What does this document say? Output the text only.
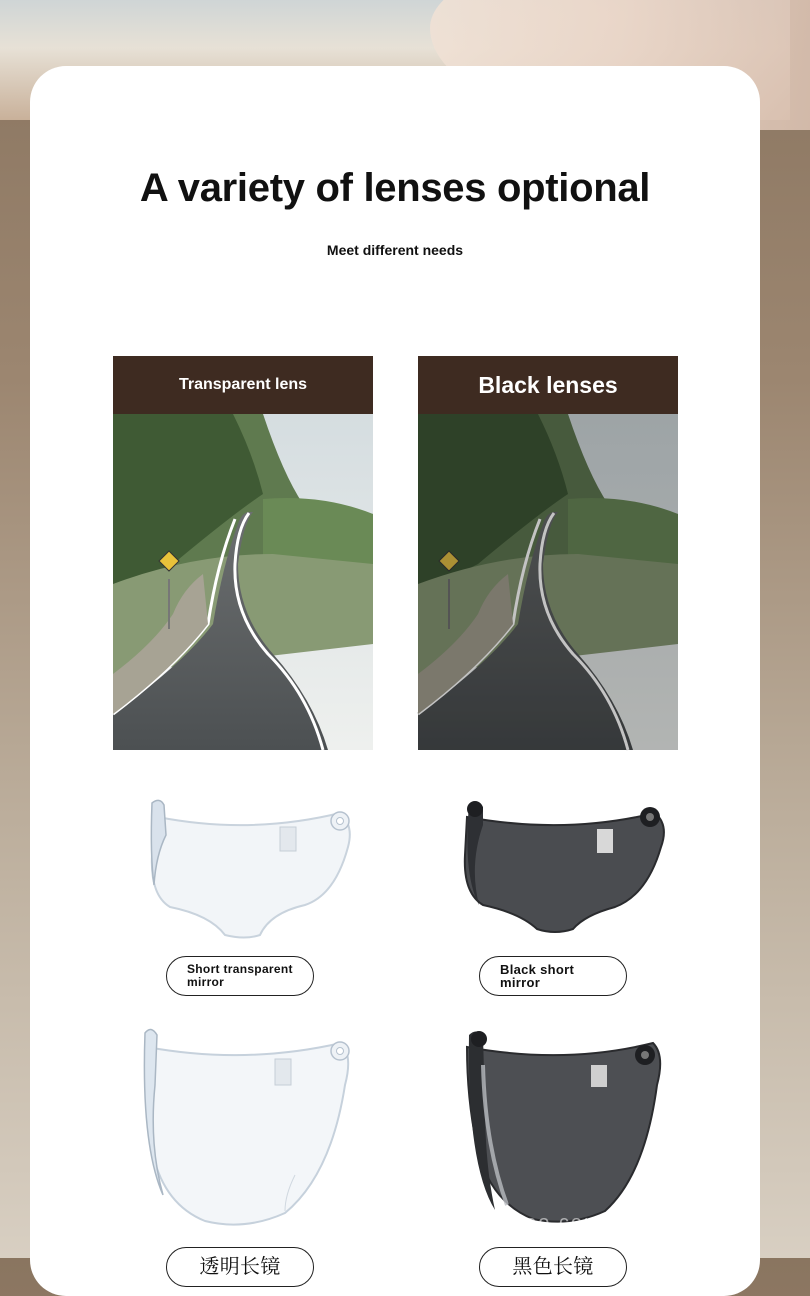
A variety of lenses optional

Meet different needs

Transparent lens	Black lenses
Short transparent mirror
Black short mirror
透明长镜	黑色长镜
ecoo.com
